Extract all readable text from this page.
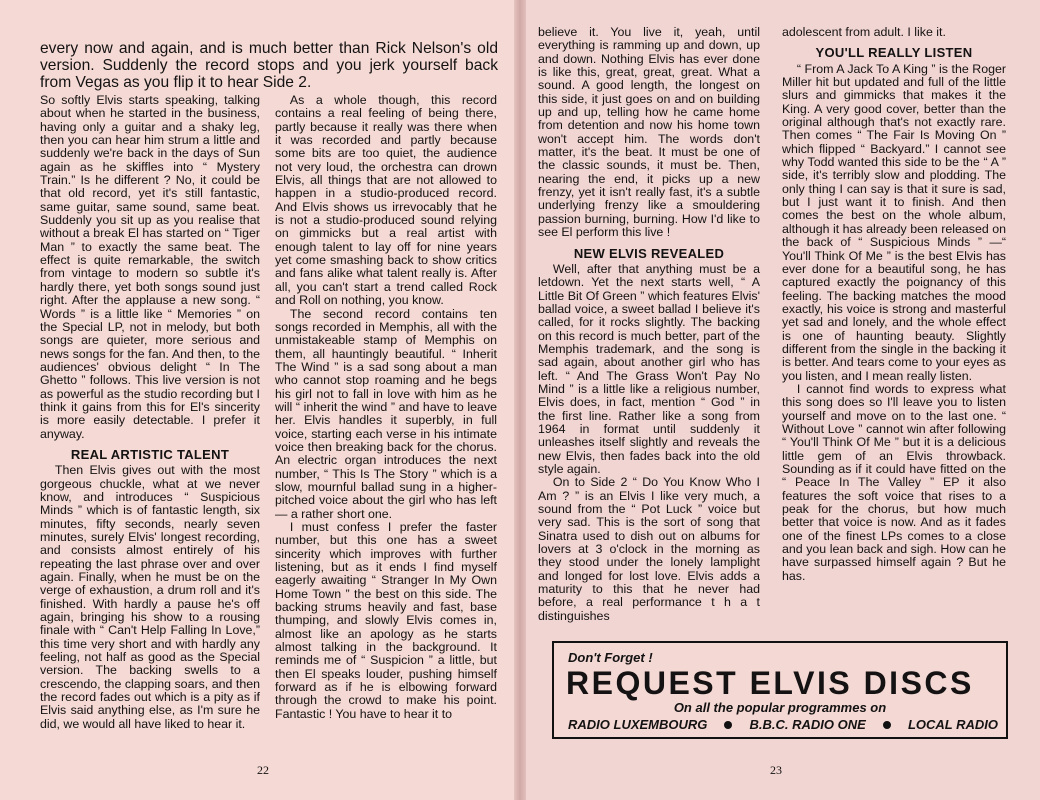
every now and again, and is much better than Rick Nelson's old version. Suddenly the record stops and you jerk yourself back from Vegas as you flip it to hear Side 2.

So softly Elvis starts speaking, talking about when he started in the business, having only a guitar and a shaky leg, then you can hear him strum a little and suddenly we're back in the days of Sun again as he skiffles into “ Mystery Train.” Is he different ? No, it could be that old record, yet it's still fantastic, same guitar, same sound, same beat. Suddenly you sit up as you realise that without a break El has started on “ Tiger Man ” to exactly the same beat. The effect is quite remarkable, the switch from vintage to modern so subtle it's hardly there, yet both songs sound just right. After the applause a new song. “ Words ” is a little like “ Memories ” on the Special LP, not in melody, but both songs are quieter, more serious and news songs for the fan. And then, to the audiences' obvious delight “ In The Ghetto ” follows. This live version is not as powerful as the studio recording but I think it gains from this for El's sincerity is more easily detectable. I prefer it anyway.

REAL ARTISTIC TALENT

Then Elvis gives out with the most gorgeous chuckle, what at we never know, and introduces “ Suspicious Minds ” which is of fantastic length, six minutes, fifty seconds, nearly seven minutes, surely Elvis' longest recording, and consists almost entirely of his repeating the last phrase over and over again. Finally, when he must be on the verge of exhaustion, a drum roll and it's finished. With hardly a pause he's off again, bringing his show to a rousing finale with “ Can't Help Falling In Love,” this time very short and with hardly any feeling, not half as good as the Special version. The backing swells to a crescendo, the clapping soars, and then the record fades out which is a pity as if Elvis said anything else, as I'm sure he did, we would all have liked to hear it.

As a whole though, this record contains a real feeling of being there, partly because it really was there when it was recorded and partly because some bits are too quiet, the audience not very loud, the orchestra can drown Elvis, all things that are not allowed to happen in a studio-produced record. And Elvis shows us irrevocably that he is not a studio-produced sound relying on gimmicks but a real artist with enough talent to lay off for nine years yet come smashing back to show critics and fans alike what talent really is. After all, you can't start a trend called Rock and Roll on nothing, you know.

The second record contains ten songs recorded in Memphis, all with the unmistakeable stamp of Memphis on them, all hauntingly beautiful. “ Inherit The Wind ” is a sad song about a man who cannot stop roaming and he begs his girl not to fall in love with him as he will “ inherit the wind ” and have to leave her. Elvis handles it superbly, in full voice, starting each verse in his intimate voice then breaking back for the chorus. An electric organ introduces the next number, “ This Is The Story ” which is a slow, mournful ballad sung in a higher-pitched voice about the girl who has left— a rather short one.

I must confess I prefer the faster number, but this one has a sweet sincerity which improves with further listening, but as it ends I find myself eagerly awaiting “ Stranger In My Own Home Town ” the best on this side. The backing strums heavily and fast, base thumping, and slowly Elvis comes in, almost like an apology as he starts almost talking in the background. It reminds me of “ Suspicion ” a little, but then El speaks louder, pushing himself forward as if he is elbowing forward through the crowd to make his point. Fantastic ! You have to hear it to

22

believe it. You live it, yeah, until everything is ramming up and down, up and down. Nothing Elvis has ever done is like this, great, great, great. What a sound. A good length, the longest on this side, it just goes on and on building up and up, telling how he came home from detention and now his home town won't accept him. The words don't matter, it's the beat. It must be one of the classic sounds, it must be. Then, nearing the end, it picks up a new frenzy, yet it isn't really fast, it's a subtle underlying frenzy like a smouldering passion burning, burning. How I'd like to see El perform this live !

NEW ELVIS REVEALED

Well, after that anything must be a letdown. Yet the next starts well, “ A Little Bit Of Green ” which features Elvis' ballad voice, a sweet ballad I believe it's called, for it rocks slightly. The backing on this record is much better, part of the Memphis trademark, and the song is sad again, about another girl who has left. “ And The Grass Won't Pay No Mind ” is a little like a religious number, Elvis does, in fact, mention “ God ” in the first line. Rather like a song from 1964 in format until suddenly it unleashes itself slightly and reveals the new Elvis, then fades back into the old style again.

On to Side 2 “ Do You Know Who I Am ? ” is an Elvis I like very much, a sound from the “ Pot Luck ” voice but very sad. This is the sort of song that Sinatra used to dish out on albums for lovers at 3 o'clock in the morning as they stood under the lonely lamplight and longed for lost love. Elvis adds a maturity to this that he never had before, a real performance t h a t distinguishes

adolescent from adult. I like it.

YOU'LL REALLY LISTEN

“ From A Jack To A King ” is the Roger Miller hit but updated and full of the little slurs and gimmicks that makes it the King. A very good cover, better than the original although that's not exactly rare. Then comes “ The Fair Is Moving On ” which flipped “ Backyard.” I cannot see why Todd wanted this side to be the “ A ” side, it's terribly slow and plodding. The only thing I can say is that it sure is sad, but I just want it to finish. And then comes the best on the whole album, although it has already been released on the back of “ Suspicious Minds ” —“ You'll Think Of Me ” is the best Elvis has ever done for a beautiful song, he has captured exactly the poignancy of this feeling. The backing matches the mood exactly, his voice is strong and masterful yet sad and lonely, and the whole effect is one of haunting beauty. Slightly different from the single in the backing it is better. And tears come to your eyes as you listen, and I mean really listen.

I cannot find words to express what this song does so I'll leave you to listen yourself and move on to the last one. “ Without Love ” cannot win after following “ You'll Think Of Me ” but it is a delicious little gem of an Elvis throwback. Sounding as if it could have fitted on the “ Peace In The Valley ” EP it also features the soft voice that rises to a peak for the chorus, but how much better that voice is now. And as it fades one of the finest LPs comes to a close and you lean back and sigh. How can he have surpassed himself again ? But he has.

Don't Forget !
REQUEST ELVIS DISCS
On all the popular programmes on
RADIO LUXEMBOURG	B.B.C. RADIO ONE	LOCAL RADIO
23
